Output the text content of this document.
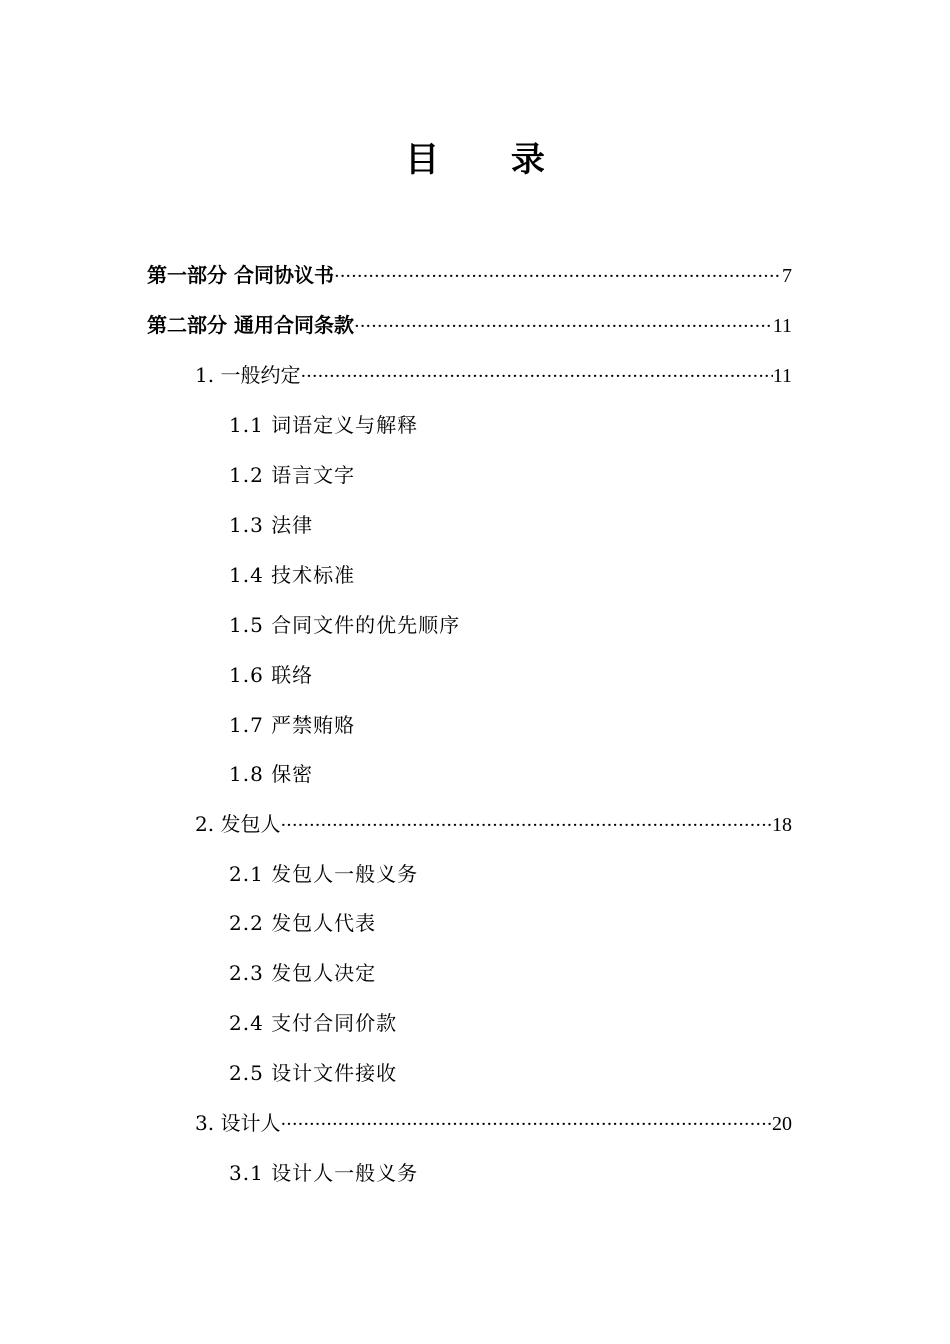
目 录
第一部分 合同协议书 ·····	7
第二部分 通用合同条款 ·····	11
1. 一般约定 ·····	11
1.1 词语定义与解释
1.2 语言文字
1.3 法律
1.4 技术标准
1.5 合同文件的优先顺序
1.6 联络
1.7 严禁贿赂
1.8 保密
2. 发包人 ·····	18
2.1 发包人一般义务
2.2 发包人代表
2.3 发包人决定
2.4 支付合同价款
2.5 设计文件接收
3. 设计人 ·····	20
3.1 设计人一般义务
